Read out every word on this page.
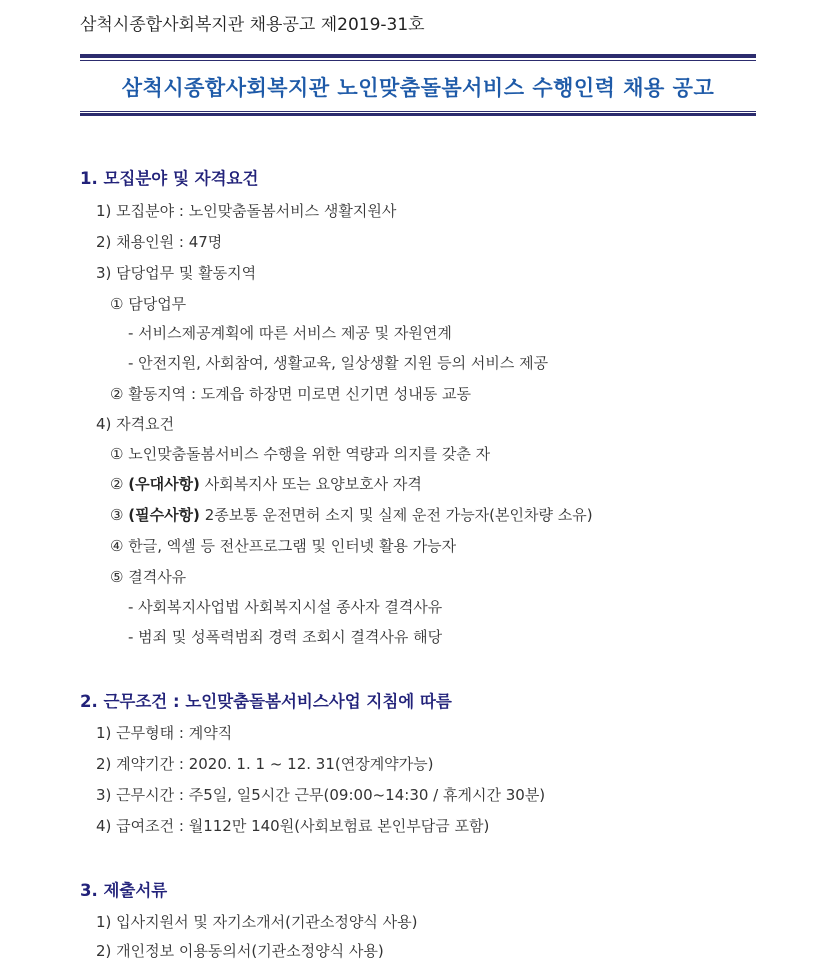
삼척시종합사회복지관 채용공고 제2019-31호
삼척시종합사회복지관 노인맞춤돌봄서비스 수행인력 채용 공고
1. 모집분야 및 자격요건
1) 모집분야 : 노인맞춤돌봄서비스 생활지원사
2) 채용인원 : 47명
3) 담당업무 및 활동지역
① 담당업무
- 서비스제공계획에 따른 서비스 제공 및 자원연계
- 안전지원, 사회참여, 생활교육, 일상생활 지원 등의 서비스 제공
② 활동지역 : 도계읍 하장면 미로면 신기면 성내동 교동
4) 자격요건
① 노인맞춤돌봄서비스 수행을 위한 역량과 의지를 갖춘 자
② (우대사항) 사회복지사 또는 요양보호사 자격
③ (필수사항) 2종보통 운전면허 소지 및 실제 운전 가능자(본인차량 소유)
④ 한글, 엑셀 등 전산프로그램 및 인터넷 활용 가능자
⑤ 결격사유
- 사회복지사업법 사회복지시설 종사자 결격사유
- 범죄 및 성폭력범죄 경력 조회시 결격사유 해당
2. 근무조건 : 노인맞춤돌봄서비스사업 지침에 따름
1) 근무형태 : 계약직
2) 계약기간 : 2020. 1. 1 ~ 12. 31(연장계약가능)
3) 근무시간 : 주5일, 일5시간 근무(09:00~14:30 / 휴게시간 30분)
4) 급여조건 : 월112만 140원(사회보험료 본인부담금 포함)
3. 제출서류
1) 입사지원서 및 자기소개서(기관소정양식 사용)
2) 개인정보 이용동의서(기관소정양식 사용)
